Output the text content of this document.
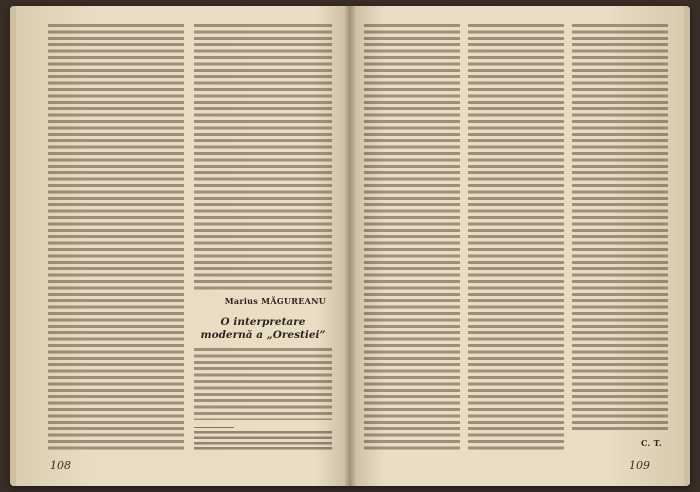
Marius MĂGUREANU
O interpretare modernă a „Orestiei”
108
C. T.
109
